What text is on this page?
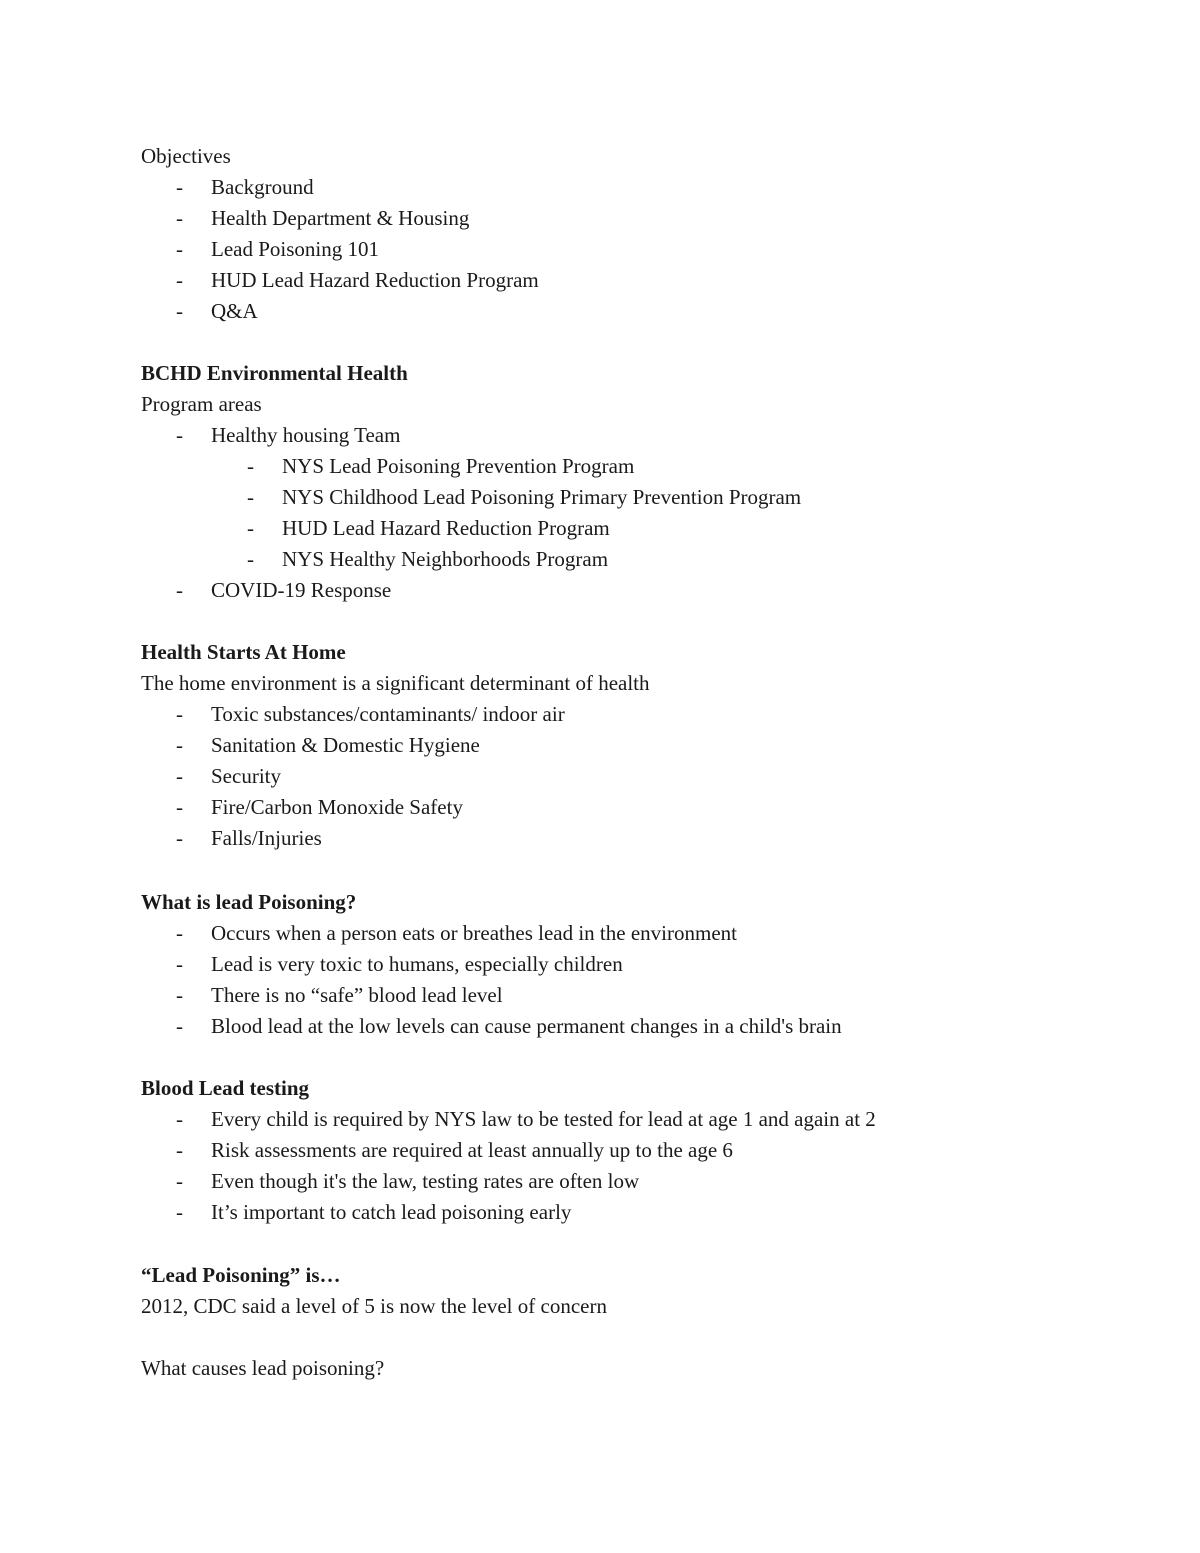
Objectives
-	Background
-	Health Department & Housing
-	Lead Poisoning 101
-	HUD Lead Hazard Reduction Program
-	Q&A
BCHD Environmental Health
Program areas
-	Healthy housing Team
-	NYS Lead Poisoning Prevention Program
-	NYS Childhood Lead Poisoning Primary Prevention Program
-	HUD Lead Hazard Reduction Program
-	NYS Healthy Neighborhoods Program
-	COVID-19 Response
Health Starts At Home
The home environment is a significant determinant of health
-	Toxic substances/contaminants/ indoor air
-	Sanitation & Domestic Hygiene
-	Security
-	Fire/Carbon Monoxide Safety
-	Falls/Injuries
What is lead Poisoning?
-	Occurs when a person eats or breathes lead in the environment
-	Lead is very toxic to humans, especially children
-	There is no “safe” blood lead level
-	Blood lead at the low levels can cause permanent changes in a child's brain
Blood Lead testing
-	Every child is required by NYS law to be tested for lead at age 1 and again at 2
-	Risk assessments are required at least annually up to the age 6
-	Even though it's the law, testing rates are often low
-	It’s important to catch lead poisoning early
“Lead Poisoning” is…
2012, CDC said a level of 5 is now the level of concern
What causes lead poisoning?
